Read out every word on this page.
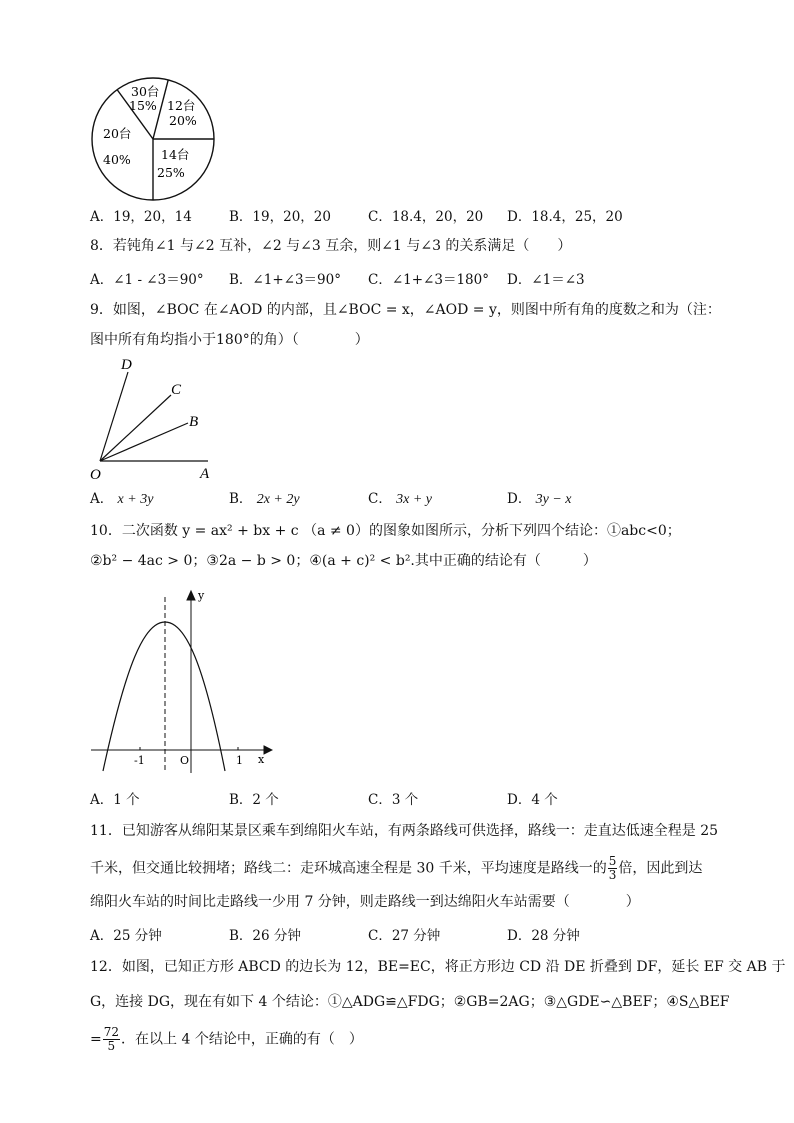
30台
15% 12台
20%
14台
25%
20台
40%
A．19，20，14	B．19，20，20	C．18.4，20，20 D．18.4，25，20
8．若钝角∠1 与∠2 互补，∠2 与∠3 互余，则∠1 与∠3 的关系满足（　　）
A．∠1 - ∠3＝90° B．∠1+∠3＝90° C．∠1+∠3＝180° D．∠1＝∠3
9．如图，∠BOC 在∠AOD 的内部，且∠BOC = x，∠AOD = y，则图中所有角的度数之和为（注：
图中所有角均指小于180°的角）（　　　　）
D
C
B
O	A
A． x + 3y	B． 2x + 2y	C． 3x + y	D． 3y − x
10．二次函数 y = ax² + bx + c （a ≠ 0）的图象如图所示，分析下列四个结论：①abc<0；
②b² − 4ac > 0；③2a − b > 0；④(a + c)² < b².其中正确的结论有（　　　）
y
x
O
-1	1
A．1 个	B．2 个	C．3 个	D．4 个
11．已知游客从绵阳某景区乘车到绵阳火车站，有两条路线可供选择，路线一：走直达低速全程是 25
千米，但交通比较拥堵；路线二：走环城高速全程是 30 千米，平均速度是路线一的 $\frac{5}{3}$ 倍，因此到达
绵阳火车站的时间比走路线一少用 7 分钟，则走路线一到达绵阳火车站需要（　　　　）
A．25 分钟	B．26 分钟	C．27 分钟	D．28 分钟
12．如图，已知正方形 ABCD 的边长为 12，BE=EC，将正方形边 CD 沿 DE 折叠到 DF，延长 EF 交 AB 于
G，连接 DG，现在有如下 4 个结论：①△ADG≌△FDG；②GB=2AG；③△GDE∽△BEF；④S△BEF
= $\frac{72}{5}$ ．在以上 4 个结论中，正确的有（　）
